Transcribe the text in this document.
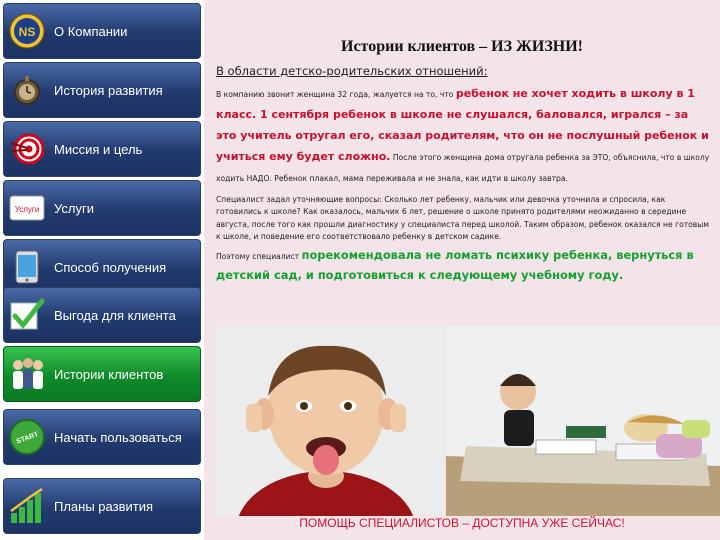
NS О Компании
История развития
Миссия и цель
Услуги Услуги
Способ получения
Выгода для клиента
Истории клиентов
START Начать пользоваться
Планы развития
Истории клиентов – ИЗ ЖИЗНИ!
В области детско-родительских отношений:

В компанию звонит женщина 32 года, жалуется на то, что ребенок не хочет ходить в школу в 1 класс. 1 сентября ребенок в школе не слушался, баловался, игрался – за это учитель отругал его, сказал родителям, что он не послушный ребенок и учиться ему будет сложно. После этого женщина дома отругала ребенка за ЭТО, объяснила, что в школу ходить НАДО. Ребенок плакал, мама переживала и не знала, как идти в школу завтра.

Специалист задал уточняющие вопросы: Сколько лет ребенку, мальчик или девочка уточнила и спросила, как готовились к школе? Как оказалось, мальчик 6 лет, решение о школе принято родителями неожиданно в середине августа, после того как прошли диагностику у специалиста перед школой. Таким образом, ребенок оказался не готовым к школе, и поведение его соответствовало ребенку в детском садике.

Поэтому специалист порекомендовала не ломать психику ребенка, вернуться в детский сад, и подготовиться к следующему учебному году.

ПОМОЩЬ СПЕЦИАЛИСТОВ – ДОСТУПНА УЖЕ СЕЙЧАС!
